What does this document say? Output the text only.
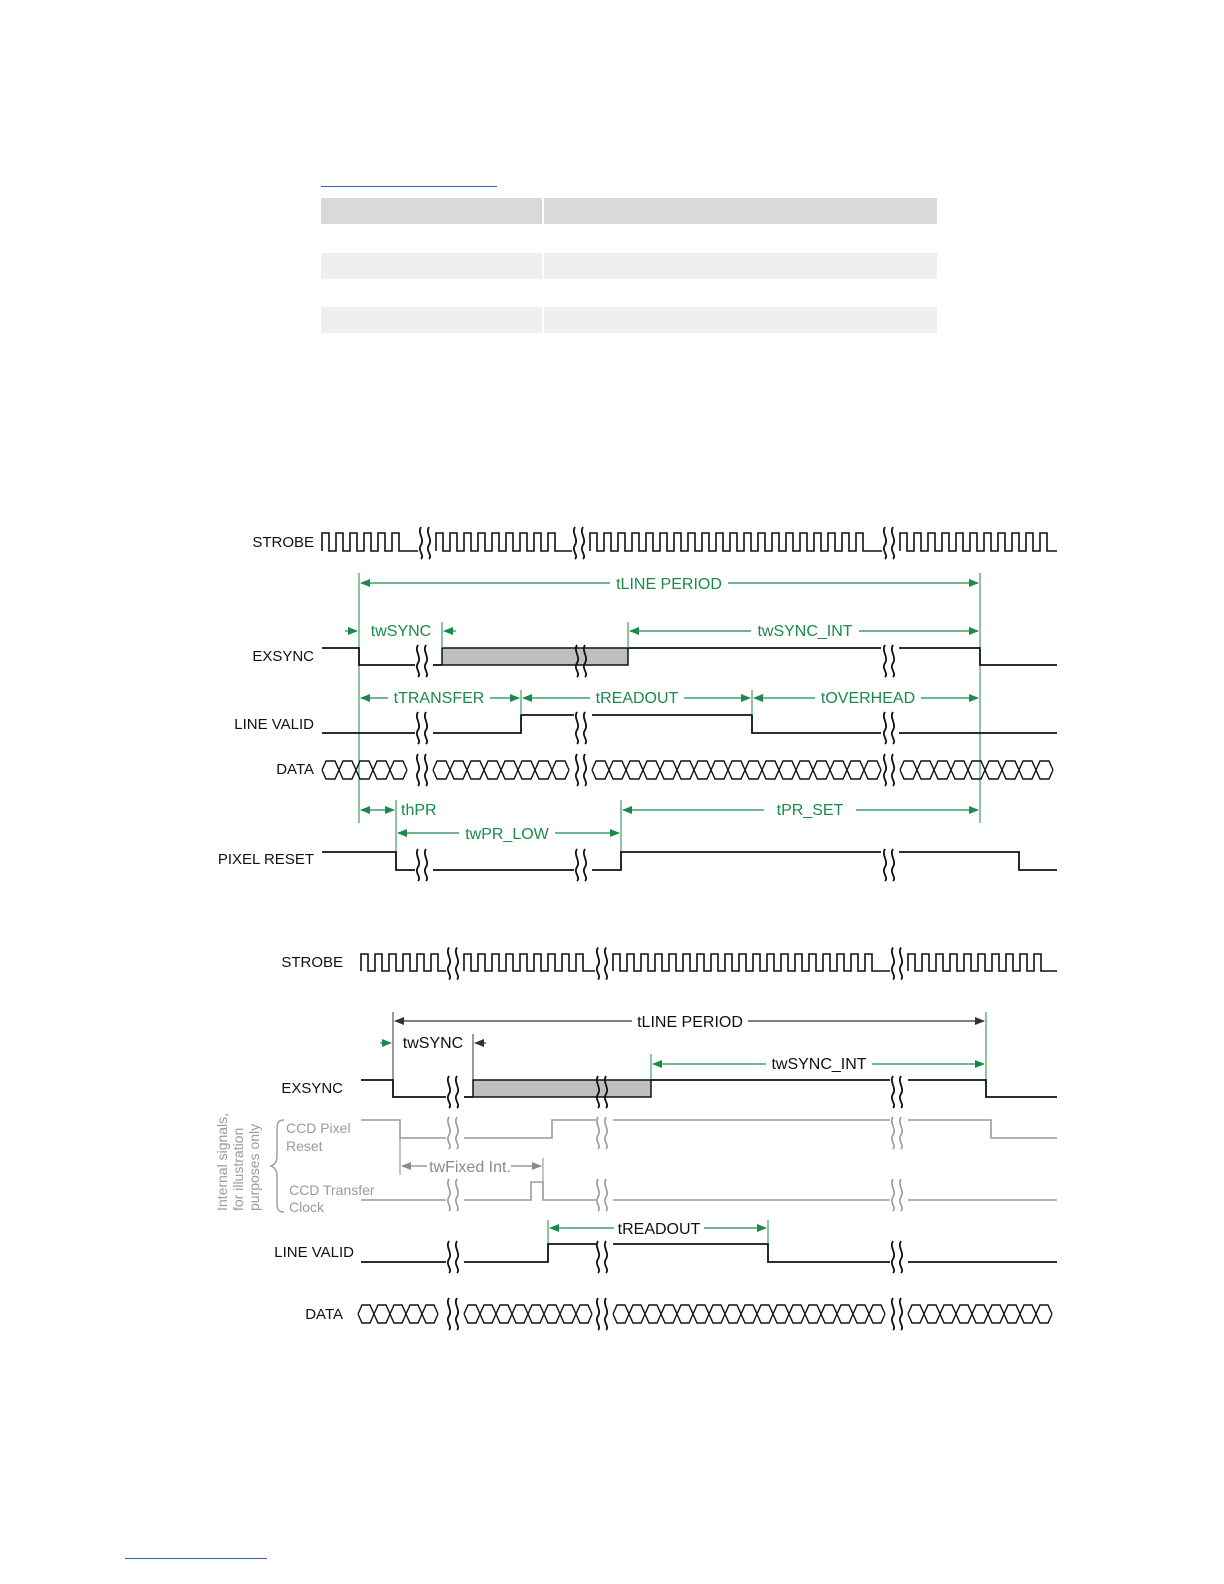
STROBE
EXSYNC
LINE VALID
DATA
PIXEL RESET
tLINE PERIOD
twSYNC	twSYNC_INT
tTRANSFER	tREADOUT	tOVERHEAD
thPR
twPR_LOW
tPR_SET
STROBE
EXSYNC
LINE VALID
DATA
tLINE PERIOD
twSYNC
twSYNC_INT
Internal signals, for illustration purposes only CCD Pixel
Reset
CCD Transfer
Clock
twFixed Int.
tREADOUT
